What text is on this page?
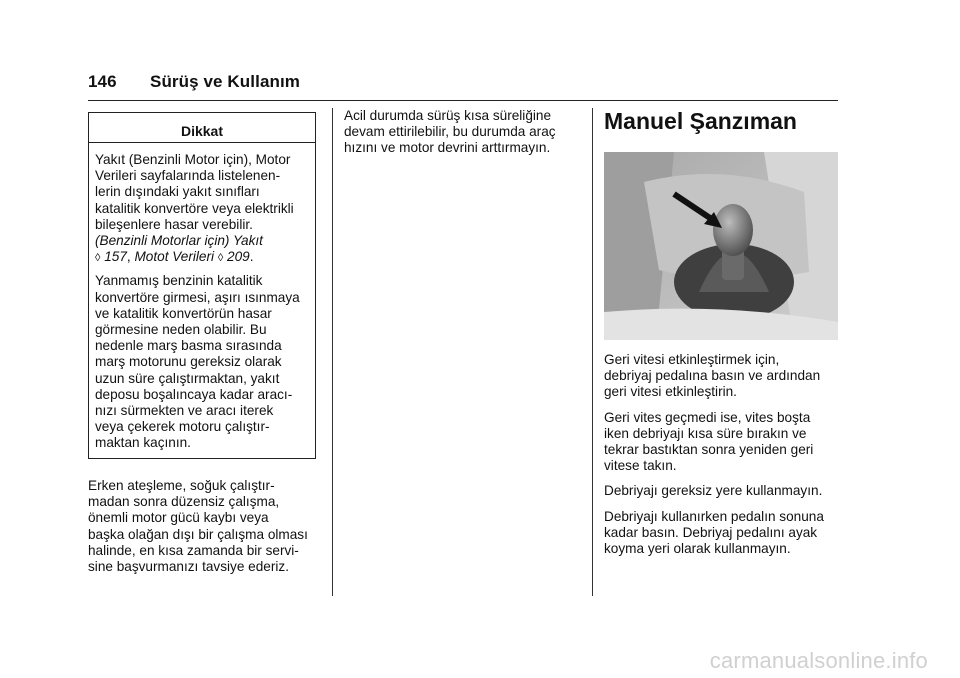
146 Sürüş ve Kullanım
Dikkat

Yakıt (Benzinli Motor için), Motor
Verileri sayfalarında listelenen-
lerin dışındaki yakıt sınıfları
katalitik konvertöre veya elektrikli
bileşenlere hasar verebilir.
(Benzinli Motorlar için) Yakıt
◊ 157, Motot Verileri ◊ 209.

Yanmamış benzinin katalitik
konvertöre girmesi, aşırı ısınmaya
ve katalitik konvertörün hasar
görmesine neden olabilir. Bu
nedenle marş basma sırasında
marş motorunu gereksiz olarak
uzun süre çalıştırmaktan, yakıt
deposu boşalıncaya kadar aracı-
nızı sürmekten ve aracı iterek
veya çekerek motoru çalıştır-
maktan kaçının.

Erken ateşleme, soğuk çalıştır-
madan sonra düzensiz çalışma,
önemli motor gücü kaybı veya
başka olağan dışı bir çalışma olması
halinde, en kısa zamanda bir servi-
sine başvurmanızı tavsiye ederiz.

Acil durumda sürüş kısa süreliğine
devam ettirilebilir, bu durumda araç
hızını ve motor devrini arttırmayın.

Manuel Şanzıman

Geri vitesi etkinleştirmek için,
debriyaj pedalına basın ve ardından
geri vitesi etkinleştirin.

Geri vites geçmedi ise, vites boşta
iken debriyajı kısa süre bırakın ve
tekrar bastıktan sonra yeniden geri
vitese takın.

Debriyajı gereksiz yere kullanmayın.

Debriyajı kullanırken pedalın sonuna
kadar basın. Debriyaj pedalını ayak
koyma yeri olarak kullanmayın.

carmanualsonline.info
